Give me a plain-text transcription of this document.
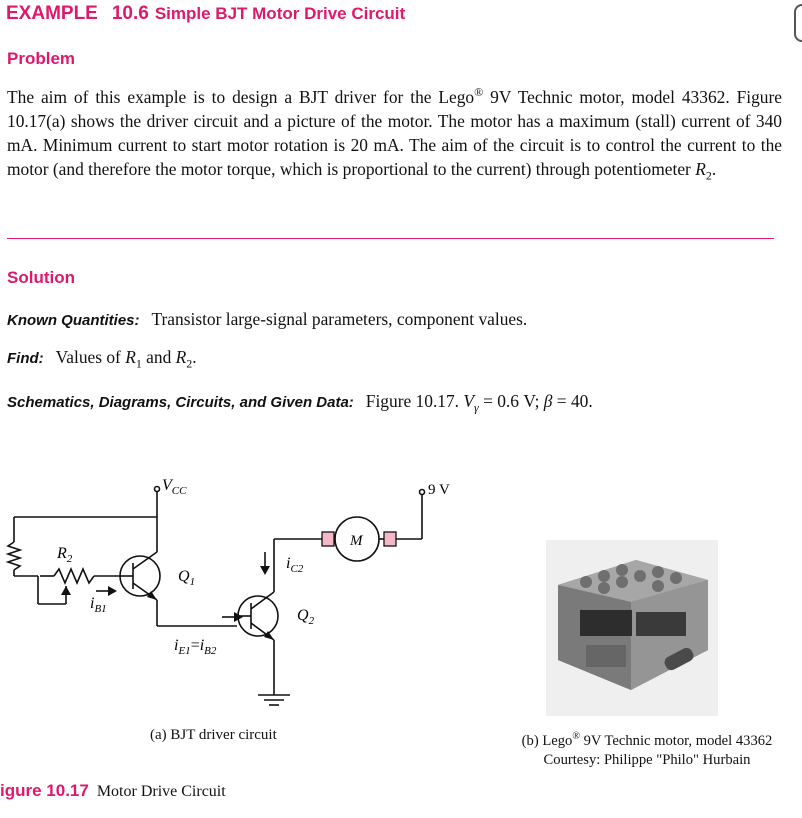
EXAMPLE 10.6 Simple BJT Motor Drive Circuit
Problem
The aim of this example is to design a BJT driver for the Lego® 9V Technic motor, model 43362. Figure 10.17(a) shows the driver circuit and a picture of the motor. The motor has a maximum (stall) current of 340 mA. Minimum current to start motor rotation is 20 mA. The aim of the circuit is to control the current to the motor (and therefore the motor torque, which is proportional to the current) through potentiometer $R_2$.
Solution
Known Quantities: Transistor large-signal parameters, component values.
Find: Values of $R_1$ and $R_2$.
Schematics, Diagrams, Circuits, and Given Data: Figure 10.17. $V_\gamma = 0.6$ V; β = 40.
$V_{CC}$	9 V
M
$R_2$
$Q_1$
$Q_2$
$i_{B1}$
$i_{C2}$
$i_{E1}=i_{B2}$
(a) BJT driver circuit	(b) Lego® 9V Technic motor, model 43362
Courtesy: Philippe "Philo" Hurbain
igure 10.17 Motor Drive Circuit
